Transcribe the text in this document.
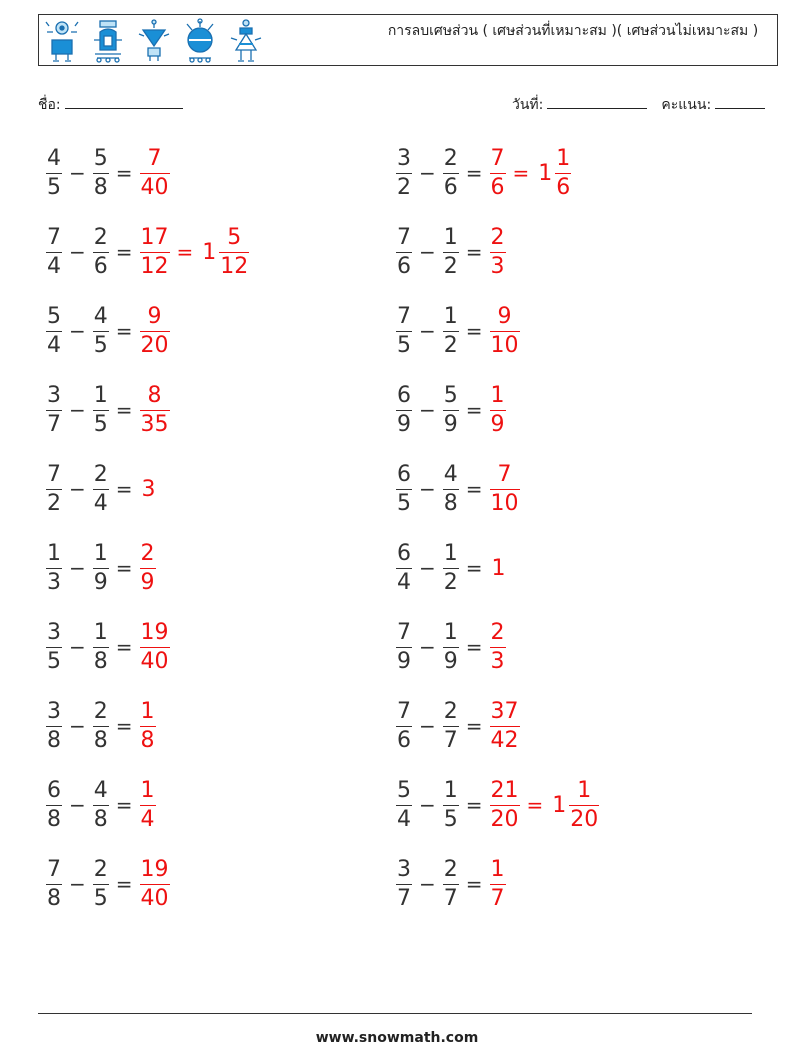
การลบเศษส่วน ( เศษส่วนที่เหมาะสม )( เศษส่วนไม่เหมาะสม )
ชื่อ:	วันที่:	คะแนน:
$\frac{4}{5} - \frac{5}{8} = \frac{7}{40}$	$\frac{3}{2} - \frac{2}{6} = \frac{7}{6} = 1 \frac{1}{6}$
$\frac{7}{4} - \frac{2}{6} = \frac{17}{12} = 1 \frac{5}{12}$	$\frac{7}{6} - \frac{1}{2} = \frac{2}{3}$
$\frac{5}{4} - \frac{4}{5} = \frac{9}{20}$	$\frac{7}{5} - \frac{1}{2} = \frac{9}{10}$
$\frac{3}{7} - \frac{1}{5} = \frac{8}{35}$	$\frac{6}{9} - \frac{5}{9} = \frac{1}{9}$
$\frac{7}{2} - \frac{2}{4} = 3$	$\frac{6}{5} - \frac{4}{8} = \frac{7}{10}$
$\frac{1}{3} - \frac{1}{9} = \frac{2}{9}$	$\frac{6}{4} - \frac{1}{2} = 1$
$\frac{3}{5} - \frac{1}{8} = \frac{19}{40}$	$\frac{7}{9} - \frac{1}{9} = \frac{2}{3}$
$\frac{3}{8} - \frac{2}{8} = \frac{1}{8}$	$\frac{7}{6} - \frac{2}{7} = \frac{37}{42}$
$\frac{6}{8} - \frac{4}{8} = \frac{1}{4}$	$\frac{5}{4} - \frac{1}{5} = \frac{21}{20} = 1 \frac{1}{20}$
$\frac{7}{8} - \frac{2}{5} = \frac{19}{40}$	$\frac{3}{7} - \frac{2}{7} = \frac{1}{7}$
www.snowmath.com
